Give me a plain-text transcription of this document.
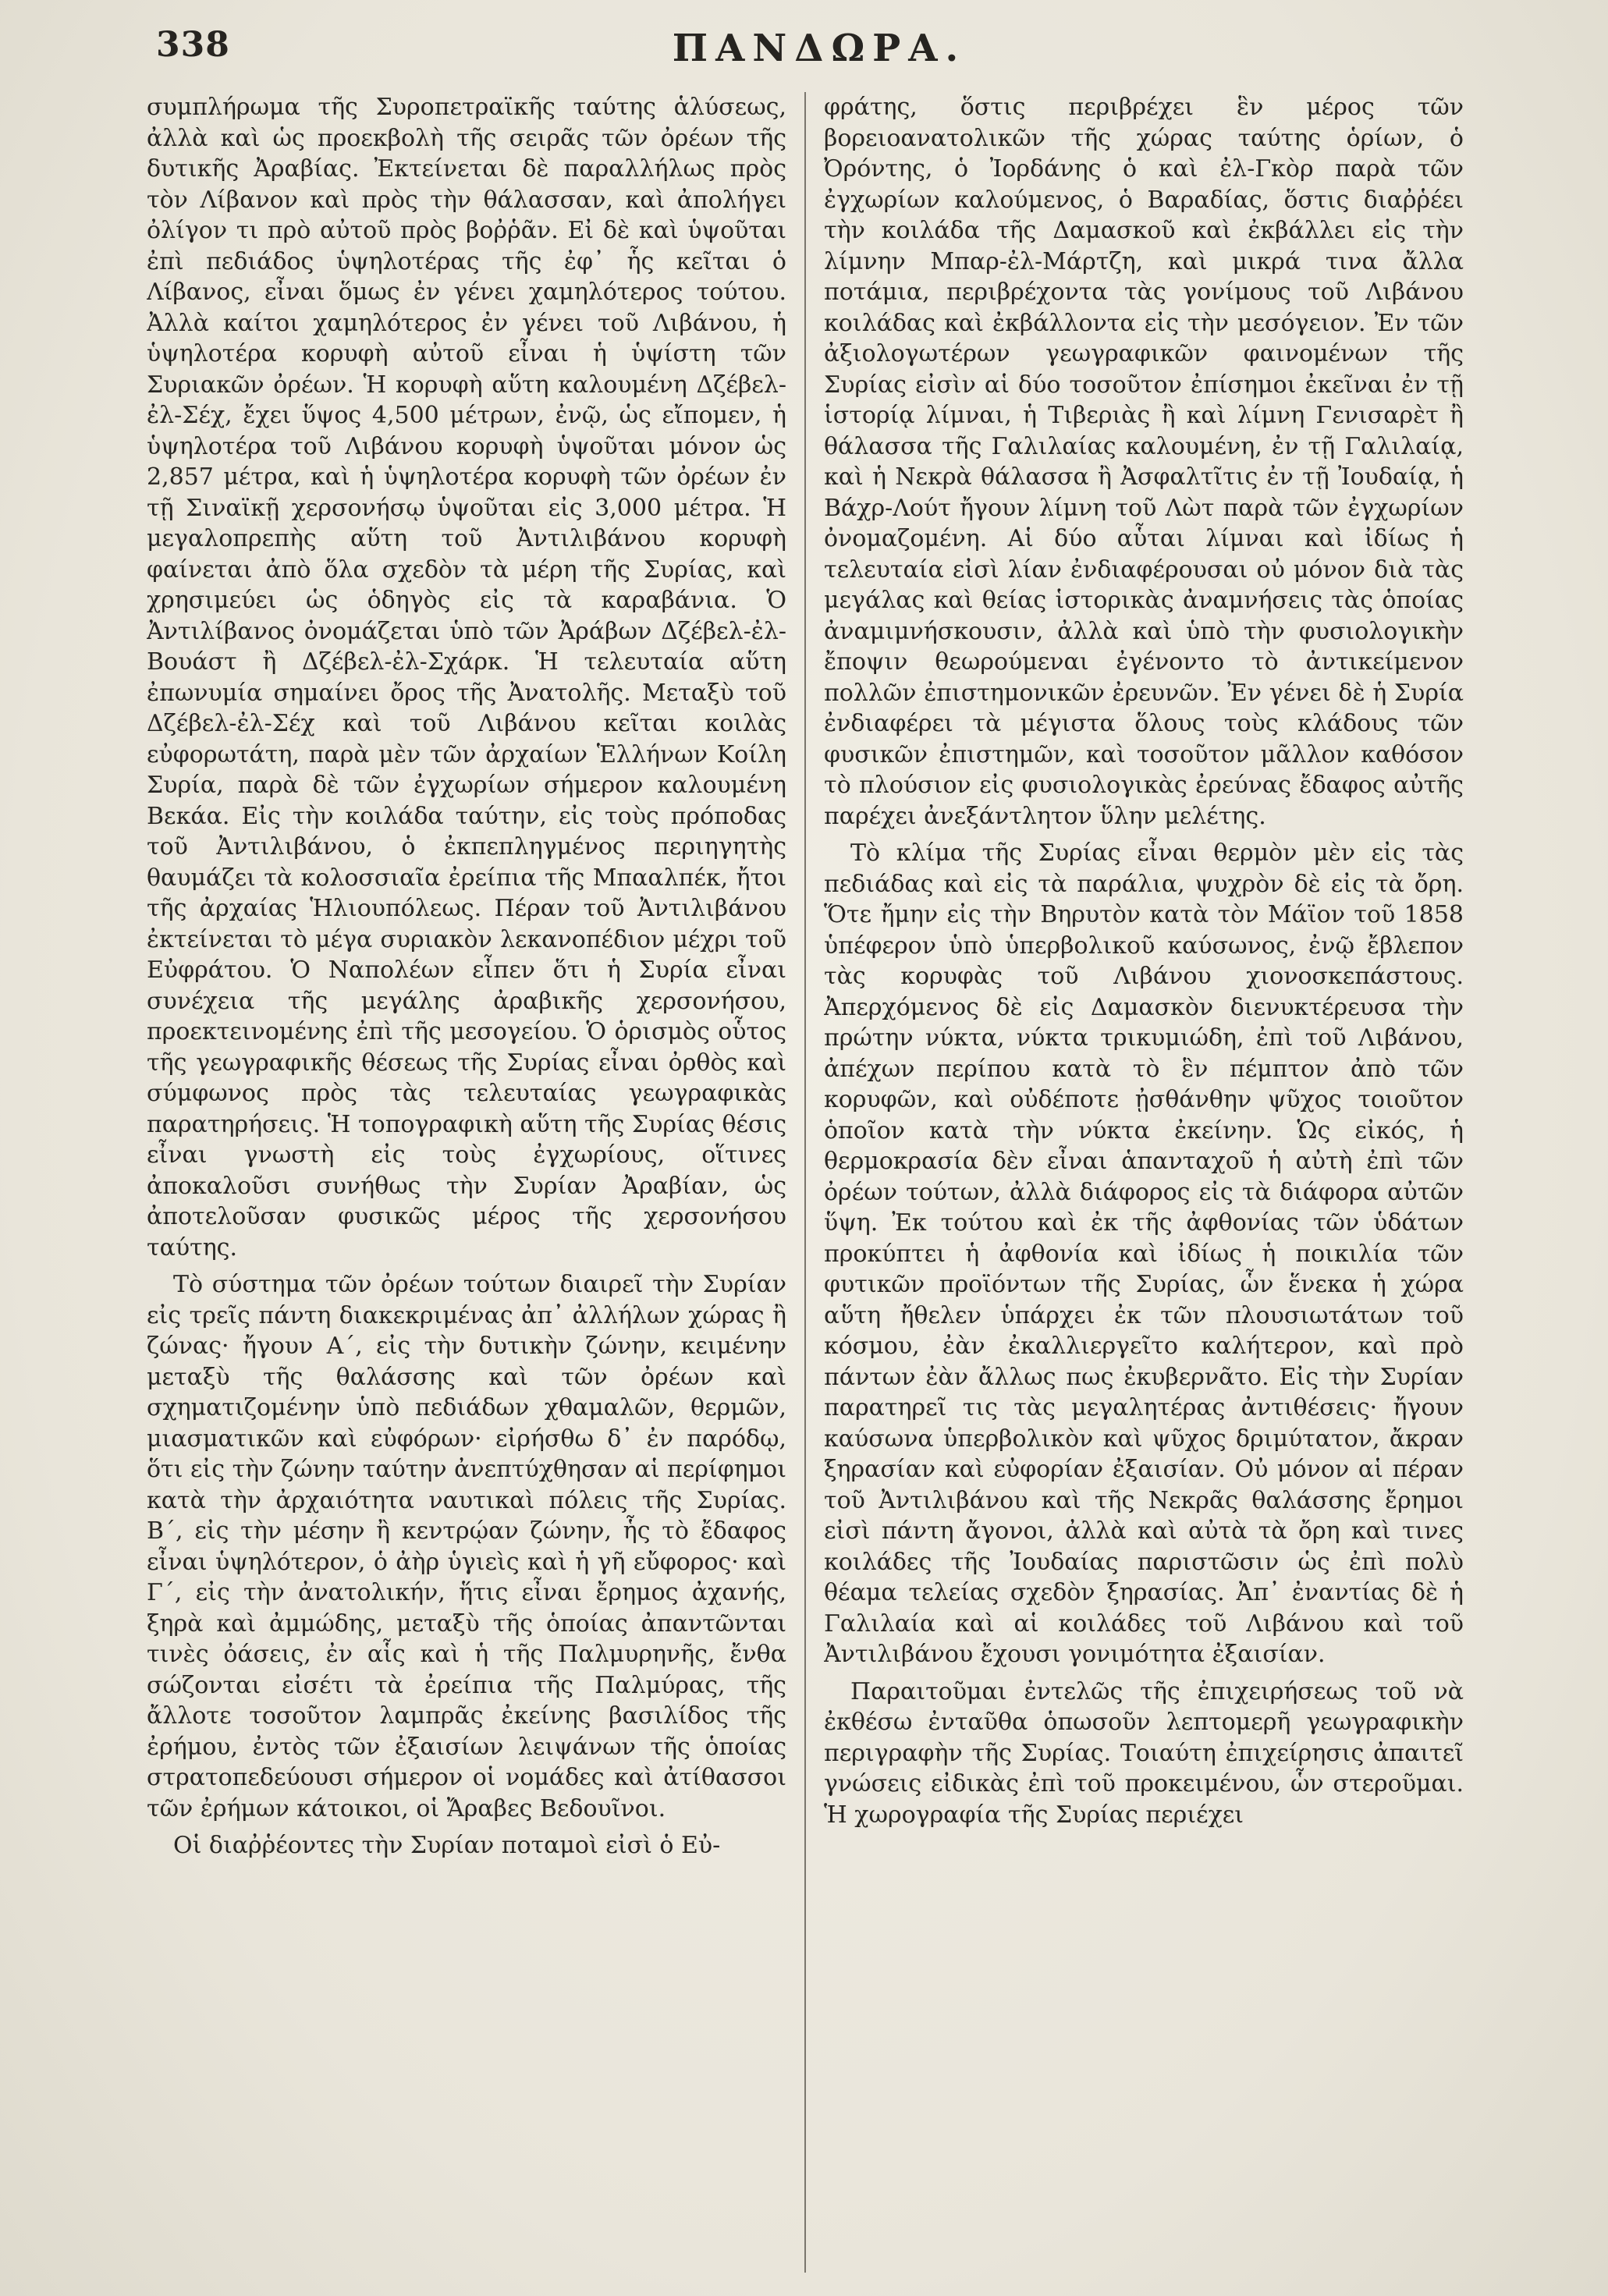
338	ΠΑΝΔΩΡΑ.

συμπλήρωμα τῆς Συροπετραϊκῆς ταύτης ἁλύσεως, ἀλλὰ καὶ ὡς προεκβολὴ τῆς σειρᾶς τῶν ὀρέων τῆς δυτικῆς Ἀραβίας. Ἐκτείνεται δὲ παραλλήλως πρὸς τὸν Λίβανον καὶ πρὸς τὴν θάλασσαν, καὶ ἀπολήγει ὀλίγον τι πρὸ αὐτοῦ πρὸς βοῤῥᾶν. Εἰ δὲ καὶ ὑψοῦται ἐπὶ πεδιάδος ὑψηλοτέρας τῆς ἐφ᾽ ἧς κεῖται ὁ Λίβανος, εἶναι ὅμως ἐν γένει χαμηλότερος τούτου. Ἀλλὰ καίτοι χαμηλότερος ἐν γένει τοῦ Λιβάνου, ἡ ὑψηλοτέρα κορυφὴ αὐτοῦ εἶναι ἡ ὑψίστη τῶν Συριακῶν ὀρέων. Ἡ κορυφὴ αὕτη καλουμένη Δζέβελ-ἐλ-Σέχ, ἔχει ὕψος 4,500 μέτρων, ἐνῷ, ὡς εἴπομεν, ἡ ὑψηλοτέρα τοῦ Λιβάνου κορυφὴ ὑψοῦται μόνον ὡς 2,857 μέτρα, καὶ ἡ ὑψηλοτέρα κορυφὴ τῶν ὀρέων ἐν τῇ Σιναϊκῇ χερσονήσῳ ὑψοῦται εἰς 3,000 μέτρα. Ἡ μεγαλοπρεπὴς αὕτη τοῦ Ἀντιλιβάνου κορυφὴ φαίνεται ἀπὸ ὅλα σχεδὸν τὰ μέρη τῆς Συρίας, καὶ χρησιμεύει ὡς ὁδηγὸς εἰς τὰ καραβάνια. Ὁ Ἀντιλίβανος ὀνομάζεται ὑπὸ τῶν Ἀράβων Δζέβελ-ἐλ-Βουάστ ἢ Δζέβελ-ἐλ-Σχάρκ. Ἡ τελευταία αὕτη ἐπωνυμία σημαίνει ὄρος τῆς Ἀνατολῆς. Μεταξὺ τοῦ Δζέβελ-ἐλ-Σέχ καὶ τοῦ Λιβάνου κεῖται κοιλὰς εὐφορωτάτη, παρὰ μὲν τῶν ἀρχαίων Ἑλλήνων Κοίλη Συρία, παρὰ δὲ τῶν ἐγχωρίων σήμερον καλουμένη Βεκάα. Εἰς τὴν κοιλάδα ταύτην, εἰς τοὺς πρόποδας τοῦ Ἀντιλιβάνου, ὁ ἐκπεπληγμένος περιηγητὴς θαυμάζει τὰ κολοσσιαῖα ἐρείπια τῆς Μπααλπέκ, ἤτοι τῆς ἀρχαίας Ἡλιουπόλεως. Πέραν τοῦ Ἀντιλιβάνου ἐκτείνεται τὸ μέγα συριακὸν λεκανοπέδιον μέχρι τοῦ Εὐφράτου. Ὁ Ναπολέων εἶπεν ὅτι ἡ Συρία εἶναι συνέχεια τῆς μεγάλης ἀραβικῆς χερσονήσου, προεκτεινομένης ἐπὶ τῆς μεσογείου. Ὁ ὁρισμὸς οὗτος τῆς γεωγραφικῆς θέσεως τῆς Συρίας εἶναι ὀρθὸς καὶ σύμφωνος πρὸς τὰς τελευταίας γεωγραφικὰς παρατηρήσεις. Ἡ τοπογραφικὴ αὕτη τῆς Συρίας θέσις εἶναι γνωστὴ εἰς τοὺς ἐγχωρίους, οἵτινες ἀποκαλοῦσι συνήθως τὴν Συρίαν Ἀραβίαν, ὡς ἀποτελοῦσαν φυσικῶς μέρος τῆς χερσονήσου ταύτης.

Τὸ σύστημα τῶν ὀρέων τούτων διαιρεῖ τὴν Συρίαν εἰς τρεῖς πάντη διακεκριμένας ἀπ᾽ ἀλλήλων χώρας ἢ ζώνας· ἤγουν Α΄, εἰς τὴν δυτικὴν ζώνην, κειμένην μεταξὺ τῆς θαλάσσης καὶ τῶν ὀρέων καὶ σχηματιζομένην ὑπὸ πεδιάδων χθαμαλῶν, θερμῶν, μιασματικῶν καὶ εὐφόρων· εἰρήσθω δ᾽ ἐν παρόδῳ, ὅτι εἰς τὴν ζώνην ταύτην ἀνεπτύχθησαν αἱ περίφημοι κατὰ τὴν ἀρχαιότητα ναυτικαὶ πόλεις τῆς Συρίας. Β΄, εἰς τὴν μέσην ἢ κεντρῴαν ζώνην, ἧς τὸ ἔδαφος εἶναι ὑψηλότερον, ὁ ἀὴρ ὑγιεὶς καὶ ἡ γῆ εὔφορος· καὶ Γ΄, εἰς τὴν ἀνατολικήν, ἥτις εἶναι ἔρημος ἀχανής, ξηρὰ καὶ ἀμμώδης, μεταξὺ τῆς ὁποίας ἀπαντῶνται τινὲς ὀάσεις, ἐν αἷς καὶ ἡ τῆς Παλμυρηνῆς, ἔνθα σώζονται εἰσέτι τὰ ἐρείπια τῆς Παλμύρας, τῆς ἄλλοτε τοσοῦτον λαμπρᾶς ἐκείνης βασιλίδος τῆς ἐρήμου, ἐντὸς τῶν ἐξαισίων λειψάνων τῆς ὁποίας στρατοπεδεύουσι σήμερον οἱ νομάδες καὶ ἀτίθασσοι τῶν ἐρήμων κάτοικοι, οἱ Ἄραβες Βεδουῖνοι.

Οἱ διαῤῥέοντες τὴν Συρίαν ποταμοὶ εἰσὶ ὁ Εὐ-

φράτης, ὅστις περιβρέχει ἓν μέρος τῶν βορειοανατολικῶν τῆς χώρας ταύτης ὁρίων, ὁ Ὀρόντης, ὁ Ἰορδάνης ὁ καὶ ἐλ-Γκὸρ παρὰ τῶν ἐγχωρίων καλούμενος, ὁ Βαραδίας, ὅστις διαῤῥέει τὴν κοιλάδα τῆς Δαμασκοῦ καὶ ἐκβάλλει εἰς τὴν λίμνην Μπαρ-ἐλ-Μάρτζη, καὶ μικρά τινα ἄλλα ποτάμια, περιβρέχοντα τὰς γονίμους τοῦ Λιβάνου κοιλάδας καὶ ἐκβάλλοντα εἰς τὴν μεσόγειον. Ἐν τῶν ἀξιολογωτέρων γεωγραφικῶν φαινομένων τῆς Συρίας εἰσὶν αἱ δύο τοσοῦτον ἐπίσημοι ἐκεῖναι ἐν τῇ ἱστορίᾳ λίμναι, ἡ Τιβεριὰς ἢ καὶ λίμνη Γενισαρὲτ ἢ θάλασσα τῆς Γαλιλαίας καλουμένη, ἐν τῇ Γαλιλαίᾳ, καὶ ἡ Νεκρὰ θάλασσα ἢ Ἀσφαλτῖτις ἐν τῇ Ἰουδαίᾳ, ἡ Βάχρ-Λούτ ἤγουν λίμνη τοῦ Λὼτ παρὰ τῶν ἐγχωρίων ὀνομαζομένη. Αἱ δύο αὗται λίμναι καὶ ἰδίως ἡ τελευταία εἰσὶ λίαν ἐνδιαφέρουσαι οὐ μόνον διὰ τὰς μεγάλας καὶ θείας ἱστορικὰς ἀναμνήσεις τὰς ὁποίας ἀναμιμνήσκουσιν, ἀλλὰ καὶ ὑπὸ τὴν φυσιολογικὴν ἔποψιν θεωρούμεναι ἐγένοντο τὸ ἀντικείμενον πολλῶν ἐπιστημονικῶν ἐρευνῶν. Ἐν γένει δὲ ἡ Συρία ἐνδιαφέρει τὰ μέγιστα ὅλους τοὺς κλάδους τῶν φυσικῶν ἐπιστημῶν, καὶ τοσοῦτον μᾶλλον καθόσον τὸ πλούσιον εἰς φυσιολογικὰς ἐρεύνας ἔδαφος αὐτῆς παρέχει ἀνεξάντλητον ὕλην μελέτης.

Τὸ κλίμα τῆς Συρίας εἶναι θερμὸν μὲν εἰς τὰς πεδιάδας καὶ εἰς τὰ παράλια, ψυχρὸν δὲ εἰς τὰ ὄρη. Ὅτε ἤμην εἰς τὴν Βηρυτὸν κατὰ τὸν Μάϊον τοῦ 1858 ὑπέφερον ὑπὸ ὑπερβολικοῦ καύσωνος, ἐνῷ ἔβλεπον τὰς κορυφὰς τοῦ Λιβάνου χιονοσκεπάστους. Ἀπερχόμενος δὲ εἰς Δαμασκὸν διενυκτέρευσα τὴν πρώτην νύκτα, νύκτα τρικυμιώδη, ἐπὶ τοῦ Λιβάνου, ἀπέχων περίπου κατὰ τὸ ἓν πέμπτον ἀπὸ τῶν κορυφῶν, καὶ οὐδέποτε ᾐσθάνθην ψῦχος τοιοῦτον ὁποῖον κατὰ τὴν νύκτα ἐκείνην. Ὡς εἰκός, ἡ θερμοκρασία δὲν εἶναι ἁπανταχοῦ ἡ αὐτὴ ἐπὶ τῶν ὀρέων τούτων, ἀλλὰ διάφορος εἰς τὰ διάφορα αὐτῶν ὕψη. Ἐκ τούτου καὶ ἐκ τῆς ἀφθονίας τῶν ὑδάτων προκύπτει ἡ ἀφθονία καὶ ἰδίως ἡ ποικιλία τῶν φυτικῶν προϊόντων τῆς Συρίας, ὧν ἕνεκα ἡ χώρα αὕτη ἤθελεν ὑπάρχει ἐκ τῶν πλουσιωτάτων τοῦ κόσμου, ἐὰν ἐκαλλιεργεῖτο καλήτερον, καὶ πρὸ πάντων ἐὰν ἄλλως πως ἐκυβερνᾶτο. Εἰς τὴν Συρίαν παρατηρεῖ τις τὰς μεγαλητέρας ἀντιθέσεις· ἤγουν καύσωνα ὑπερβολικὸν καὶ ψῦχος δριμύτατον, ἄκραν ξηρασίαν καὶ εὐφορίαν ἐξαισίαν. Οὐ μόνον αἱ πέραν τοῦ Ἀντιλιβάνου καὶ τῆς Νεκρᾶς θαλάσσης ἔρημοι εἰσὶ πάντη ἄγονοι, ἀλλὰ καὶ αὐτὰ τὰ ὄρη καὶ τινες κοιλάδες τῆς Ἰουδαίας παριστῶσιν ὡς ἐπὶ πολὺ θέαμα τελείας σχεδὸν ξηρασίας. Ἀπ᾽ ἐναντίας δὲ ἡ Γαλιλαία καὶ αἱ κοιλάδες τοῦ Λιβάνου καὶ τοῦ Ἀντιλιβάνου ἔχουσι γονιμότητα ἐξαισίαν.

Παραιτοῦμαι ἐντελῶς τῆς ἐπιχειρήσεως τοῦ νὰ ἐκθέσω ἐνταῦθα ὁπωσοῦν λεπτομερῆ γεωγραφικὴν περιγραφὴν τῆς Συρίας. Τοιαύτη ἐπιχείρησις ἀπαιτεῖ γνώσεις εἰδικὰς ἐπὶ τοῦ προκειμένου, ὧν στεροῦμαι. Ἡ χωρογραφία τῆς Συρίας περιέχει
